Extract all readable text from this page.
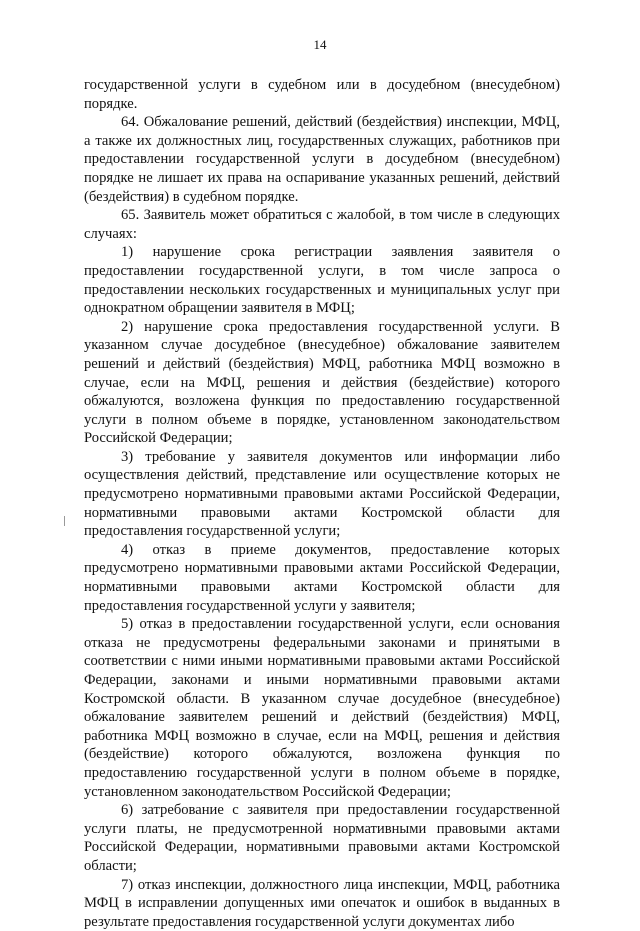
14

государственной услуги в судебном или в досудебном (внесудебном) порядке.

64. Обжалование решений, действий (бездействия) инспекции, МФЦ, а также их должностных лиц, государственных служащих, работников при предоставлении государственной услуги в досудебном (внесудебном) порядке не лишает их права на оспаривание указанных решений, действий (бездействия) в судебном порядке.

65. Заявитель может обратиться с жалобой, в том числе в следующих случаях:

1) нарушение срока регистрации заявления заявителя о предоставлении государственной услуги, в том числе запроса о предоставлении нескольких государственных и муниципальных услуг при однократном обращении заявителя в МФЦ;

2) нарушение срока предоставления государственной услуги. В указанном случае досудебное (внесудебное) обжалование заявителем решений и действий (бездействия) МФЦ, работника МФЦ возможно в случае, если на МФЦ, решения и действия (бездействие) которого обжалуются, возложена функция по предоставлению государственной услуги в полном объеме в порядке, установленном законодательством Российской Федерации;

3) требование у заявителя документов или информации либо осуществления действий, представление или осуществление которых не предусмотрено нормативными правовыми актами Российской Федерации, нормативными правовыми актами Костромской области для предоставления государственной услуги;

4) отказ в приеме документов, предоставление которых предусмотрено нормативными правовыми актами Российской Федерации, нормативными правовыми актами Костромской области для предоставления государственной услуги у заявителя;

5) отказ в предоставлении государственной услуги, если основания отказа не предусмотрены федеральными законами и принятыми в соответствии с ними иными нормативными правовыми актами Российской Федерации, законами и иными нормативными правовыми актами Костромской области. В указанном случае досудебное (внесудебное) обжалование заявителем решений и действий (бездействия) МФЦ, работника МФЦ возможно в случае, если на МФЦ, решения и действия (бездействие) которого обжалуются, возложена функция по предоставлению государственной услуги в полном объеме в порядке, установленном законодательством Российской Федерации;

6) затребование с заявителя при предоставлении государственной услуги платы, не предусмотренной нормативными правовыми актами Российской Федерации, нормативными правовыми актами Костромской области;

7) отказ инспекции, должностного лица инспекции, МФЦ, работника МФЦ в исправлении допущенных ими опечаток и ошибок в выданных в результате предоставления государственной услуги документах либо
